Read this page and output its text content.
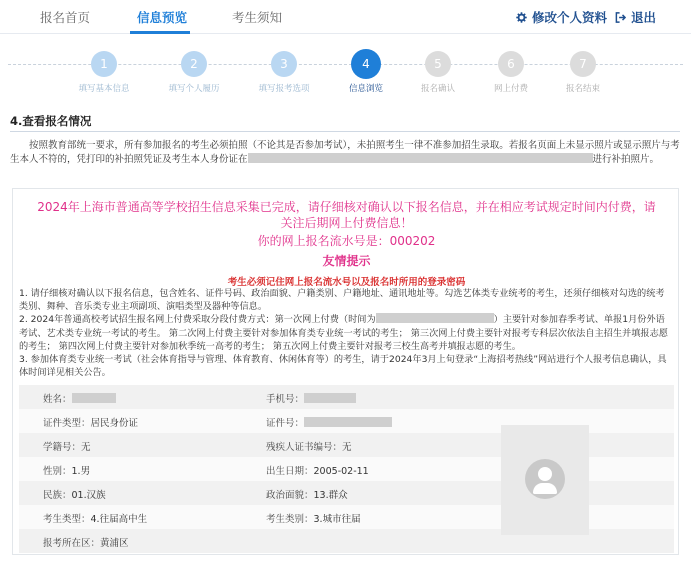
报名首页	信息预览	考生须知	修改个人资料	退出
1
填写基本信息
2
填写个人履历
3
填写报考选项
4
信息浏览
5
报名确认
6
网上付费
7
报名结束
4.查看报名情况
按照教育部统一要求，所有参加报名的考生必须拍照（不论其是否参加考试），未拍照考生一律不准参加招生录取。若报名页面上未显示照片或显示照片与考生本人不符的，凭打印的补拍照凭证及考生本人身份证在	进行补拍照片。
2024年上海市普通高等学校招生信息采集已完成，请仔细核对确认以下报名信息，并在相应考试规定时间内付费，请关注后期网上付费信息！
你的网上报名流水号是：000202
友情提示
考生必须记住网上报名流水号以及报名时所用的登录密码
1. 请仔细核对确认以下报名信息，包含姓名、证件号码、政治面貌、户籍类别、户籍地址、通讯地址等。勾选艺体类专业统考的考生，还须仔细核对勾选的统考类别、舞种、音乐类专业主项副项、演唱类型及器种等信息。
2. 2024年普通高校考试招生报名网上付费采取分段付费方式：第一次网上付费（时间为	）主要针对参加春季考试、单报1月份外语考试、艺术类专业统一考试的考生。 第二次网上付费主要针对参加体育类专业统一考试的考生； 第三次网上付费主要针对报考专科层次依法自主招生并填报志愿的考生； 第四次网上付费主要针对参加秋季统一高考的考生； 第五次网上付费主要针对报考三校生高考并填报志愿的考生。
3. 参加体育类专业统一考试（社会体育指导与管理、体育教育、休闲体育等）的考生，请于2024年3月上旬登录“上海招考热线”网站进行个人报考信息确认，具体时间详见相关公告。
姓名：	手机号：
证件类型：居民身份证	证件号：
学籍号：无	残疾人证书编号：无
性别：1.男	出生日期：2005-02-11
民族：01.汉族	政治面貌：13.群众
考生类型：4.往届高中生	考生类别：3.城市往届
报考所在区：黄浦区
